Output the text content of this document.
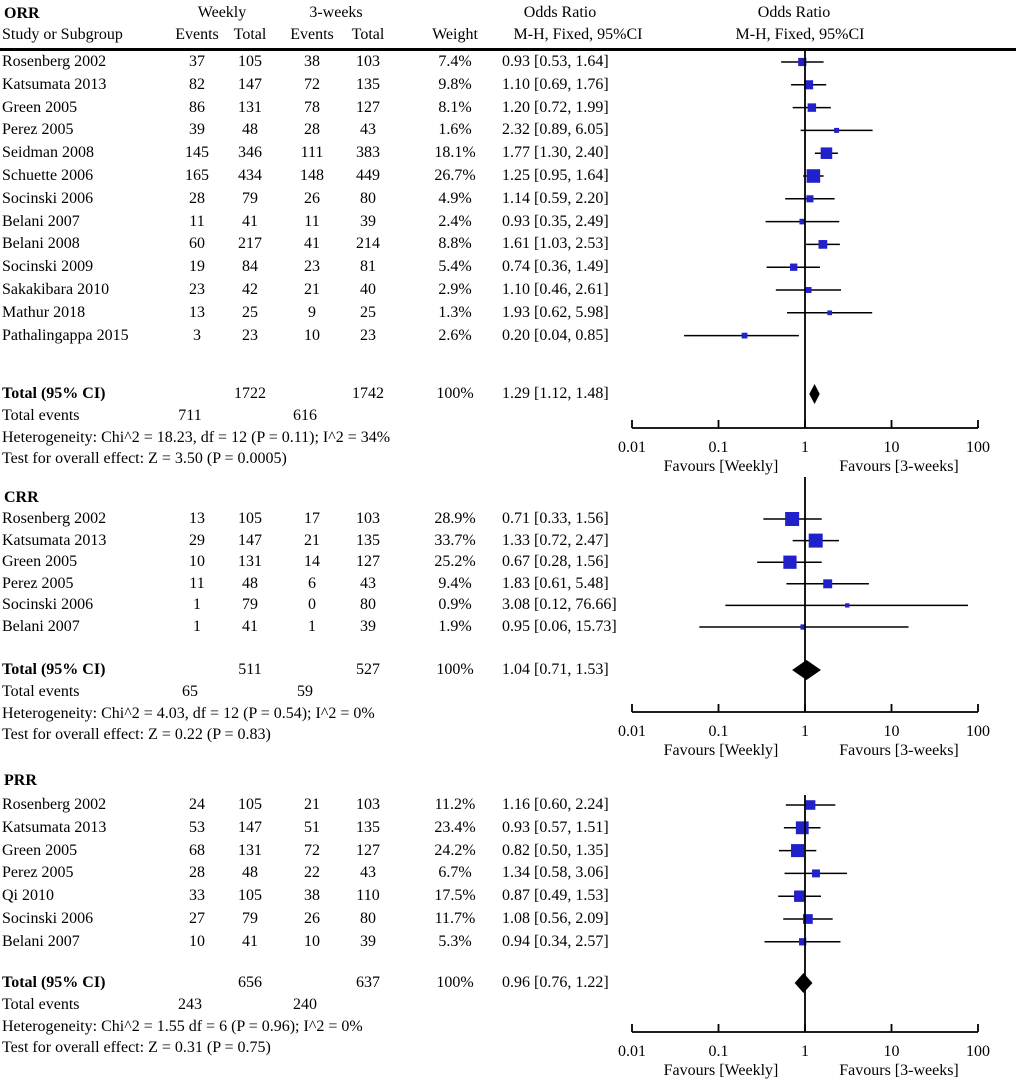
0.01	0.1	1	10	100
Favours [Weekly]	Favours [3-weeks]
0.01	0.1	1	10	100
Favours [Weekly]	Favours [3-weeks]
0.01	0.1	1	10	100
Favours [Weekly]	Favours [3-weeks]
Weekly	3-weeks	Odds Ratio	Odds Ratio
Study or Subgroup	Events Total Events Total	Weight M-H, Fixed, 95%CI	M-H, Fixed, 95%CI
ORR
Rosenberg 2002	37 105	38 103	7.4% 0.93 [0.53, 1.64]
Katsumata 2013	82 147	72 135	9.8% 1.10 [0.69, 1.76]
Green 2005	86 131	78 127	8.1% 1.20 [0.72, 1.99]
Perez 2005	39 48	28	43	1.6% 2.32 [0.89, 6.05]
Seidman 2008	145 346 111 383	18.1% 1.77 [1.30, 2.40]
Schuette 2006	165 434 148 449	26.7% 1.25 [0.95, 1.64]
Socinski 2006	28 79	26	80	4.9% 1.14 [0.59, 2.20]
Belani 2007	11 41	11	39	2.4% 0.93 [0.35, 2.49]
Belani 2008	60 217	41 214	8.8% 1.61 [1.03, 2.53]
Socinski 2009	19 84	23	81	5.4% 0.74 [0.36, 1.49]
Sakakibara 2010	23 42	21	40	2.9% 1.10 [0.46, 2.61]
Mathur 2018	13 25	9	25	1.3% 1.93 [0.62, 5.98]
Pathalingappa 2015	3	23	10	23	2.6% 0.20 [0.04, 0.85]
Total (95% CI)	1722	1742	100% 1.29 [1.12, 1.48]
Total events	711	616
Heterogeneity: Chi^2 = 18.23, df = 12 (P = 0.11); I^2 = 34%
Test for overall effect: Z = 3.50 (P = 0.0005)
CRR
Rosenberg 2002	13 105	17 103	28.9% 0.71 [0.33, 1.56]
Katsumata 2013	29 147	21 135	33.7% 1.33 [0.72, 2.47]
Green 2005	10 131	14 127	25.2% 0.67 [0.28, 1.56]
Perez 2005	11 48	6	43	9.4% 1.83 [0.61, 5.48]
Socinski 2006	1	79	0	80	0.9% 3.08 [0.12, 76.66]
Belani 2007	1	41	1	39	1.9% 0.95 [0.06, 15.73]
Total (95% CI)	511	527	100% 1.04 [0.71, 1.53]
Total events	65	59
Heterogeneity: Chi^2 = 4.03, df = 12 (P = 0.54); I^2 = 0%
Test for overall effect: Z = 0.22 (P = 0.83)
PRR
Rosenberg 2002	24 105	21 103	11.2% 1.16 [0.60, 2.24]
Katsumata 2013	53 147	51 135	23.4% 0.93 [0.57, 1.51]
Green 2005	68 131	72 127	24.2% 0.82 [0.50, 1.35]
Perez 2005	28 48	22	43	6.7% 1.34 [0.58, 3.06]
Qi 2010	33 105	38 110	17.5% 0.87 [0.49, 1.53]
Socinski 2006	27 79	26	80	11.7% 1.08 [0.56, 2.09]
Belani 2007	10 41	10	39	5.3% 0.94 [0.34, 2.57]
Total (95% CI)	656	637	100% 0.96 [0.76, 1.22]
Total events	243	240
Heterogeneity: Chi^2 = 1.55 df = 6 (P = 0.96); I^2 = 0%
Test for overall effect: Z = 0.31 (P = 0.75)
